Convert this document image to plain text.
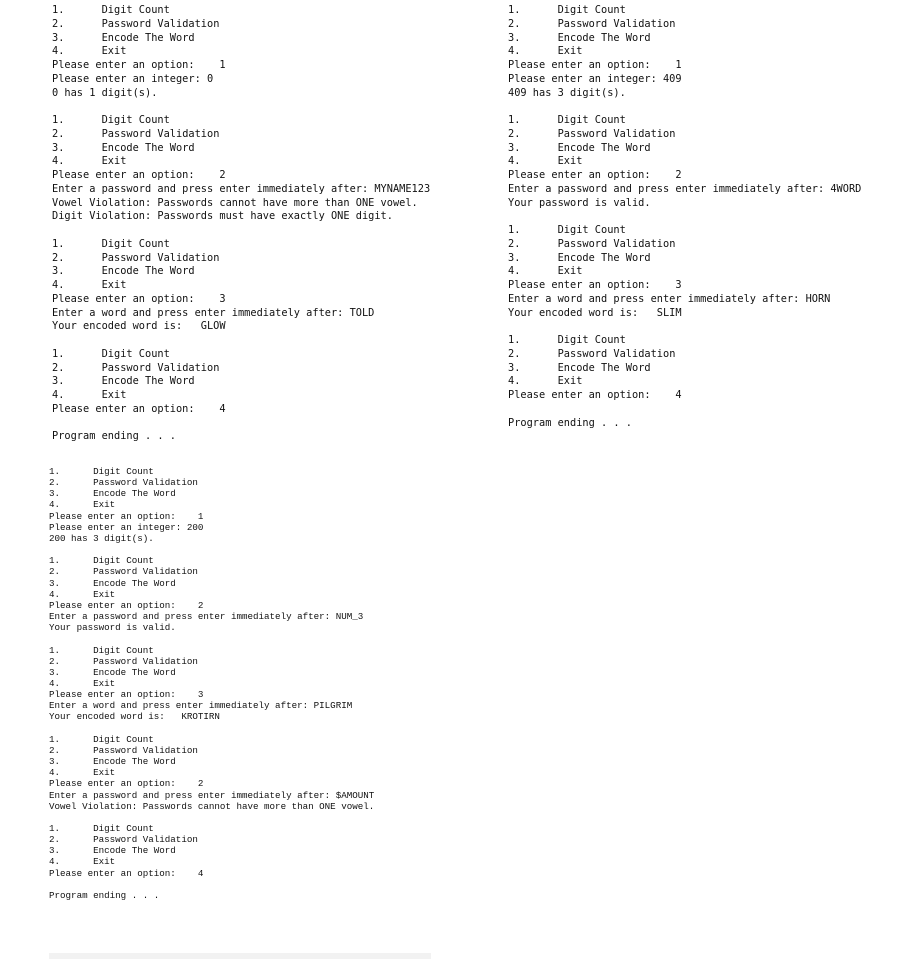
1.	Digit Count
2.	Password Validation
3.	Encode The Word
4.	Exit
Please enter an option:    1
Please enter an integer: 0
0 has 1 digit(s).

1.	Digit Count
2.	Password Validation
3.	Encode The Word
4.	Exit
Please enter an option:    2
Enter a password and press enter immediately after: MYNAME123
Vowel Violation: Passwords cannot have more than ONE vowel.
Digit Violation: Passwords must have exactly ONE digit.

1.	Digit Count
2.	Password Validation
3.	Encode The Word
4.	Exit
Please enter an option:    3
Enter a word and press enter immediately after: TOLD
Your encoded word is:   GLOW

1.	Digit Count
2.	Password Validation
3.	Encode The Word
4.	Exit
Please enter an option:    4

Program ending . . .
1.	Digit Count
2.	Password Validation
3.	Encode The Word
4.	Exit
Please enter an option:    1
Please enter an integer: 409
409 has 3 digit(s).

1.	Digit Count
2.	Password Validation
3.	Encode The Word
4.	Exit
Please enter an option:    2
Enter a password and press enter immediately after: 4WORD
Your password is valid.

1.	Digit Count
2.	Password Validation
3.	Encode The Word
4.	Exit
Please enter an option:    3
Enter a word and press enter immediately after: HORN
Your encoded word is:   SLIM

1.	Digit Count
2.	Password Validation
3.	Encode The Word
4.	Exit
Please enter an option:    4

Program ending . . .
1.	Digit Count
2.	Password Validation
3.	Encode The Word
4.	Exit
Please enter an option:    1
Please enter an integer: 200
200 has 3 digit(s).

1.	Digit Count
2.	Password Validation
3.	Encode The Word
4.	Exit
Please enter an option:    2
Enter a password and press enter immediately after: NUM_3
Your password is valid.

1.	Digit Count
2.	Password Validation
3.	Encode The Word
4.	Exit
Please enter an option:    3
Enter a word and press enter immediately after: PILGRIM
Your encoded word is:   KROTIRN

1.	Digit Count
2.	Password Validation
3.	Encode The Word
4.	Exit
Please enter an option:    2
Enter a password and press enter immediately after: $AMOUNT
Vowel Violation: Passwords cannot have more than ONE vowel.

1.	Digit Count
2.	Password Validation
3.	Encode The Word
4.	Exit
Please enter an option:    4

Program ending . . .
